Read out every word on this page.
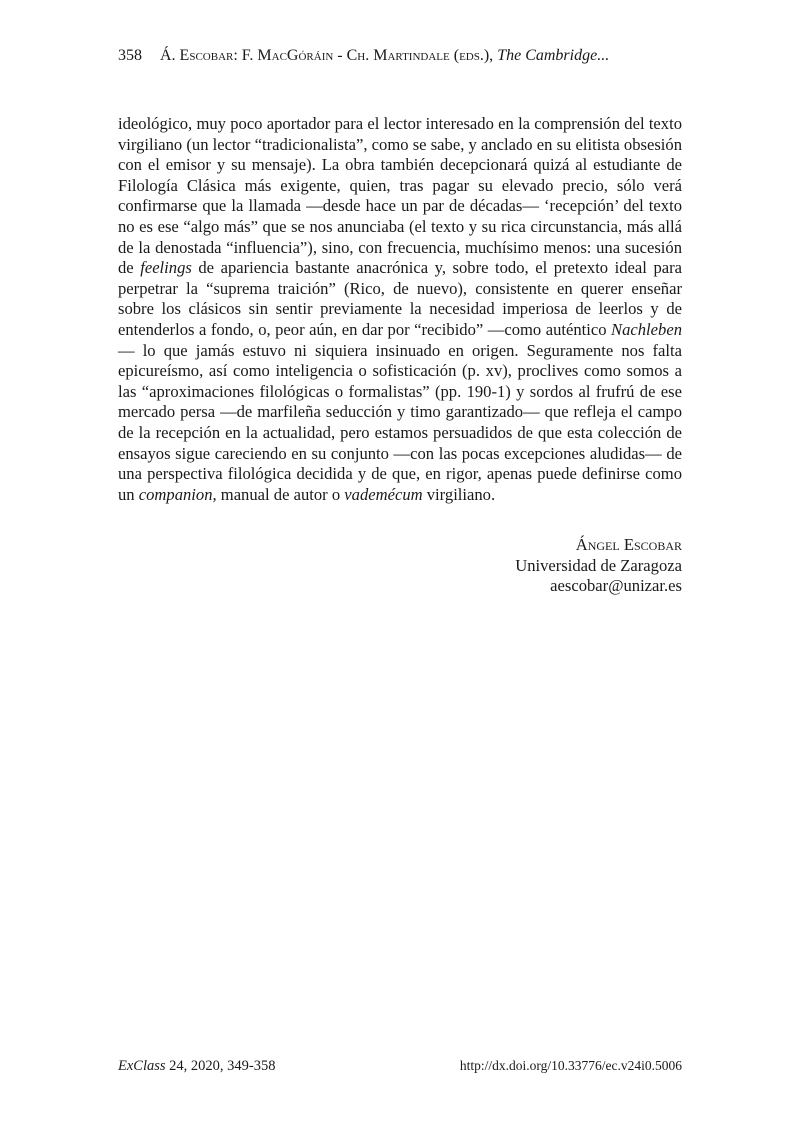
358 Á. Escobar: F. MacGóráin - Ch. Martindale (eds.), The Cambridge...

ideológico, muy poco aportador para el lector interesado en la comprensión del texto virgiliano (un lector “tradicionalista”, como se sabe, y anclado en su elitista obsesión con el emisor y su mensaje). La obra también decepcionará quizá al estudiante de Filología Clásica más exigente, quien, tras pagar su elevado precio, sólo verá confirmarse que la llamada —desde hace un par de décadas— ‘recepción’ del texto no es ese “algo más” que se nos anunciaba (el texto y su rica circunstancia, más allá de la denostada “influencia”), sino, con frecuencia, muchísimo menos: una sucesión de feelings de apariencia bastante anacrónica y, sobre todo, el pretexto ideal para perpetrar la “suprema traición” (Rico, de nuevo), consistente en querer enseñar sobre los clásicos sin sentir previamente la necesidad imperiosa de leerlos y de entenderlos a fondo, o, peor aún, en dar por “recibido” —como auténtico Nachleben— lo que jamás estuvo ni siquiera insinuado en origen. Seguramente nos falta epicureísmo, así como inteligencia o sofisticación (p. xv), proclives como somos a las “aproximaciones filológicas o formalistas” (pp. 190-1) y sordos al frufrú de ese mercado persa —de marfileña seducción y timo garantizado— que refleja el campo de la recepción en la actualidad, pero estamos persuadidos de que esta colección de ensayos sigue careciendo en su conjunto —con las pocas excepciones aludidas— de una perspectiva filológica decidida y de que, en rigor, apenas puede definirse como un companion, manual de autor o vademécum virgiliano.

Ángel Escobar
Universidad de Zaragoza
aescobar@unizar.es
ExClass 24, 2020, 349-358	http://dx.doi.org/10.33776/ec.v24i0.5006
